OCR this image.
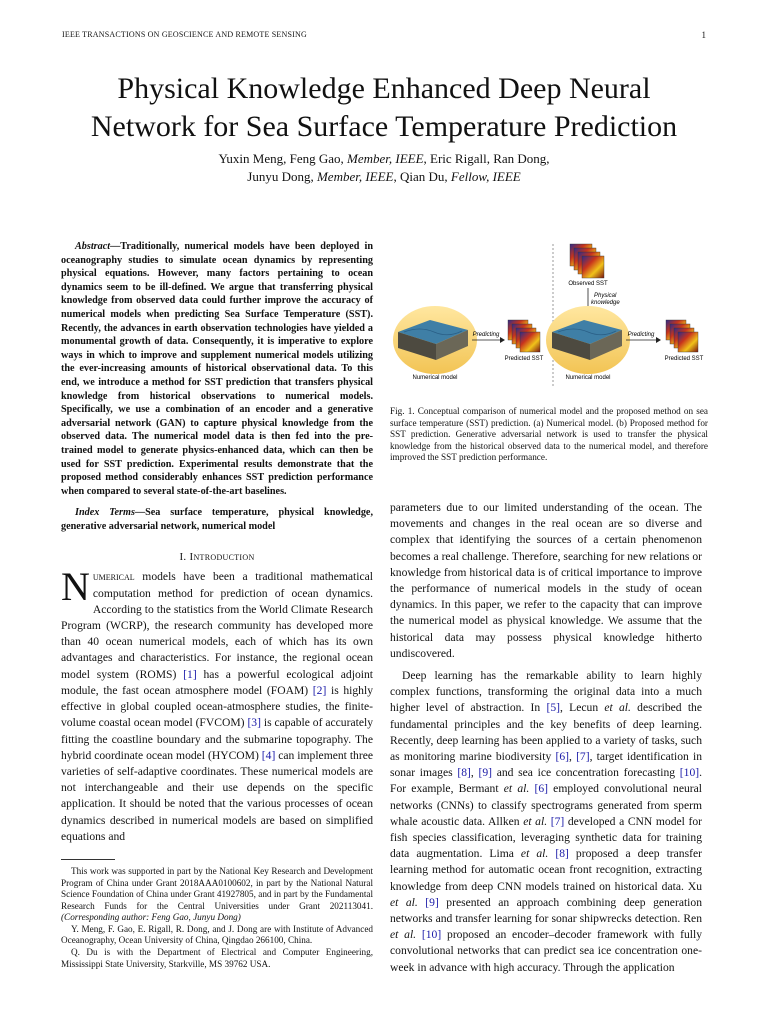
IEEE TRANSACTIONS ON GEOSCIENCE AND REMOTE SENSING	1
Physical Knowledge Enhanced Deep Neural
Network for Sea Surface Temperature Prediction
Yuxin Meng, Feng Gao, Member, IEEE, Eric Rigall, Ran Dong,
Junyu Dong, Member, IEEE, Qian Du, Fellow, IEEE

Abstract—Traditionally, numerical models have been deployed in oceanography studies to simulate ocean dynamics by representing physical equations. However, many factors pertaining to ocean dynamics seem to be ill-defined. We argue that transferring physical knowledge from observed data could further improve the accuracy of numerical models when predicting Sea Surface Temperature (SST). Recently, the advances in earth observation technologies have yielded a monumental growth of data. Consequently, it is imperative to explore ways in which to improve and supplement numerical models utilizing the ever-increasing amounts of historical observational data. To this end, we introduce a method for SST prediction that transfers physical knowledge from historical observations to numerical models. Specifically, we use a combination of an encoder and a generative adversarial network (GAN) to capture physical knowledge from the observed data. The numerical model data is then fed into the pre-trained model to generate physics-enhanced data, which can then be used for SST prediction. Experimental results demonstrate that the proposed method considerably enhances SST prediction performance when compared to several state-of-the-art baselines.

Index Terms—Sea surface temperature, physical knowledge, generative adversarial network, numerical model

I. Introduction

Numerical models have been a traditional mathematical computation method for prediction of ocean dynamics. According to the statistics from the World Climate Research Program (WCRP), the research community has developed more than 40 ocean numerical models, each of which has its own advantages and characteristics. For instance, the regional ocean model system (ROMS) [1] has a powerful ecological adjoint module, the fast ocean atmosphere model (FOAM) [2] is highly effective in global coupled ocean-atmosphere studies, the finite-volume coastal ocean model (FVCOM) [3] is capable of accurately fitting the coastline boundary and the submarine topography. The hybrid coordinate ocean model (HYCOM) [4] can implement three varieties of self-adaptive coordinates. These numerical models are not interchangeable and their use depends on the specific application. It should be noted that the various processes of ocean dynamics described in numerical models are based on simplified equations and

This work was supported in part by the National Key Research and Development Program of China under Grant 2018AAA0100602, in part by the National Natural Science Foundation of China under Grant 41927805, and in part by the Fundamental Research Funds for the Central Universities under Grant 202113041. (Corresponding author: Feng Gao, Junyu Dong)

Y. Meng, F. Gao, E. Rigall, R. Dong, and J. Dong are with Institute of Advanced Oceanography, Ocean University of China, Qingdao 266100, China.

Q. Du is with the Department of Electrical and Computer Engineering, Mississippi State University, Starkville, MS 39762 USA.

Observed SST
Physical
knowledge
Numerical model
Predicting
Predicted SST
Numerical model
Predicting
Predicted SST
Fig. 1. Conceptual comparison of numerical model and the proposed method on sea surface temperature (SST) prediction. (a) Numerical model. (b) Proposed method for SST prediction. Generative adversarial network is used to transfer the physical knowledge from the historical observed data to the numerical model, and therefore improved the SST prediction performance.

parameters due to our limited understanding of the ocean. The movements and changes in the real ocean are so diverse and complex that identifying the sources of a certain phenomenon becomes a real challenge. Therefore, searching for new relations or knowledge from historical data is of critical importance to improve the performance of numerical models in the study of ocean dynamics. In this paper, we refer to the capacity that can improve the numerical model as physical knowledge. We assume that the historical data may possess physical knowledge hitherto undiscovered.

Deep learning has the remarkable ability to learn highly complex functions, transforming the original data into a much higher level of abstraction. In [5], Lecun et al. described the fundamental principles and the key benefits of deep learning. Recently, deep learning has been applied to a variety of tasks, such as monitoring marine biodiversity [6], [7], target identification in sonar images [8], [9] and sea ice concentration forecasting [10]. For example, Bermant et al. [6] employed convolutional neural networks (CNNs) to classify spectrograms generated from sperm whale acoustic data. Allken et al. [7] developed a CNN model for fish species classification, leveraging synthetic data for training data augmentation. Lima et al. [8] proposed a deep transfer learning method for automatic ocean front recognition, extracting knowledge from deep CNN models trained on historical data. Xu et al. [9] presented an approach combining deep generation networks and transfer learning for sonar shipwrecks detection. Ren et al. [10] proposed an encoder–decoder framework with fully convolutional networks that can predict sea ice concentration one-week in advance with high accuracy. Through the application
